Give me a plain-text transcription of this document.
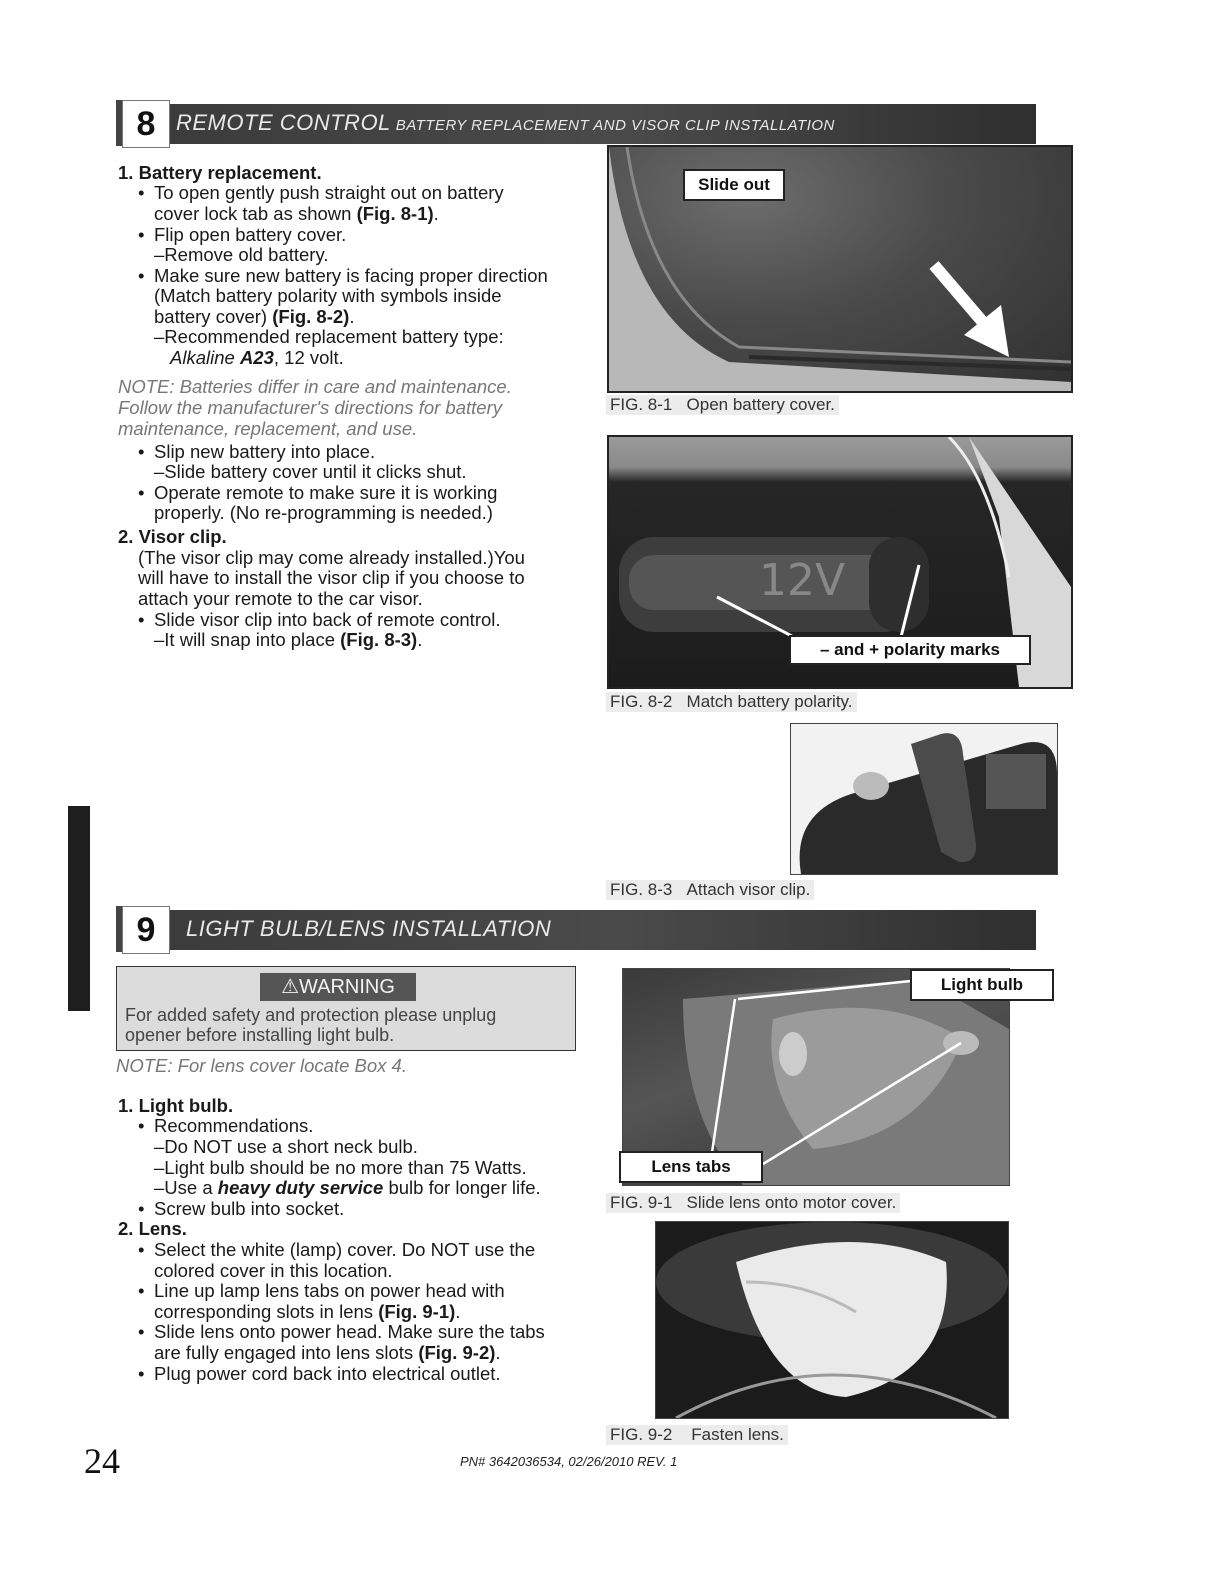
8 REMOTE CONTROL BATTERY REPLACEMENT AND VISOR CLIP INSTALLATION
1. Battery replacement.
• To open gently push straight out on battery
cover lock tab as shown (Fig. 8-1).
• Flip open battery cover.
–Remove old battery.
• Make sure new battery is facing proper direction
(Match battery polarity with symbols inside
battery cover) (Fig. 8-2).
–Recommended replacement battery type:
Alkaline A23, 12 volt.
NOTE: Batteries differ in care and maintenance.
Follow the manufacturer's directions for battery
maintenance, replacement, and use.
• Slip new battery into place.
–Slide battery cover until it clicks shut.
• Operate remote to make sure it is working
properly. (No re-programming is needed.)
2. Visor clip.
(The visor clip may come already installed.)You
will have to install the visor clip if you choose to
attach your remote to the car visor.
• Slide visor clip into back of remote control.
–It will snap into place (Fig. 8-3).
Slide out
FIG. 8-1 Open battery cover.
12V
– and + polarity marks
FIG. 8-2 Match battery polarity.
FIG. 8-3 Attach visor clip.
9	LIGHT BULB/LENS INSTALLATION
⚠WARNING
For added safety and protection please unplug
opener before installing light bulb.
NOTE: For lens cover locate Box 4.
1. Light bulb.
• Recommendations.
–Do NOT use a short neck bulb.
–Light bulb should be no more than 75 Watts.
–Use a heavy duty service bulb for longer life.
• Screw bulb into socket.
2. Lens.
• Select the white (lamp) cover. Do NOT use the
colored cover in this location.
• Line up lamp lens tabs on power head with
corresponding slots in lens (Fig. 9-1).
• Slide lens onto power head. Make sure the tabs
are fully engaged into lens slots (Fig. 9-2).
• Plug power cord back into electrical outlet.
Light bulb
Lens tabs
FIG. 9-1 Slide lens onto motor cover.
FIG. 9-2 Fasten lens.
24	PN# 3642036534, 02/26/2010 REV. 1
